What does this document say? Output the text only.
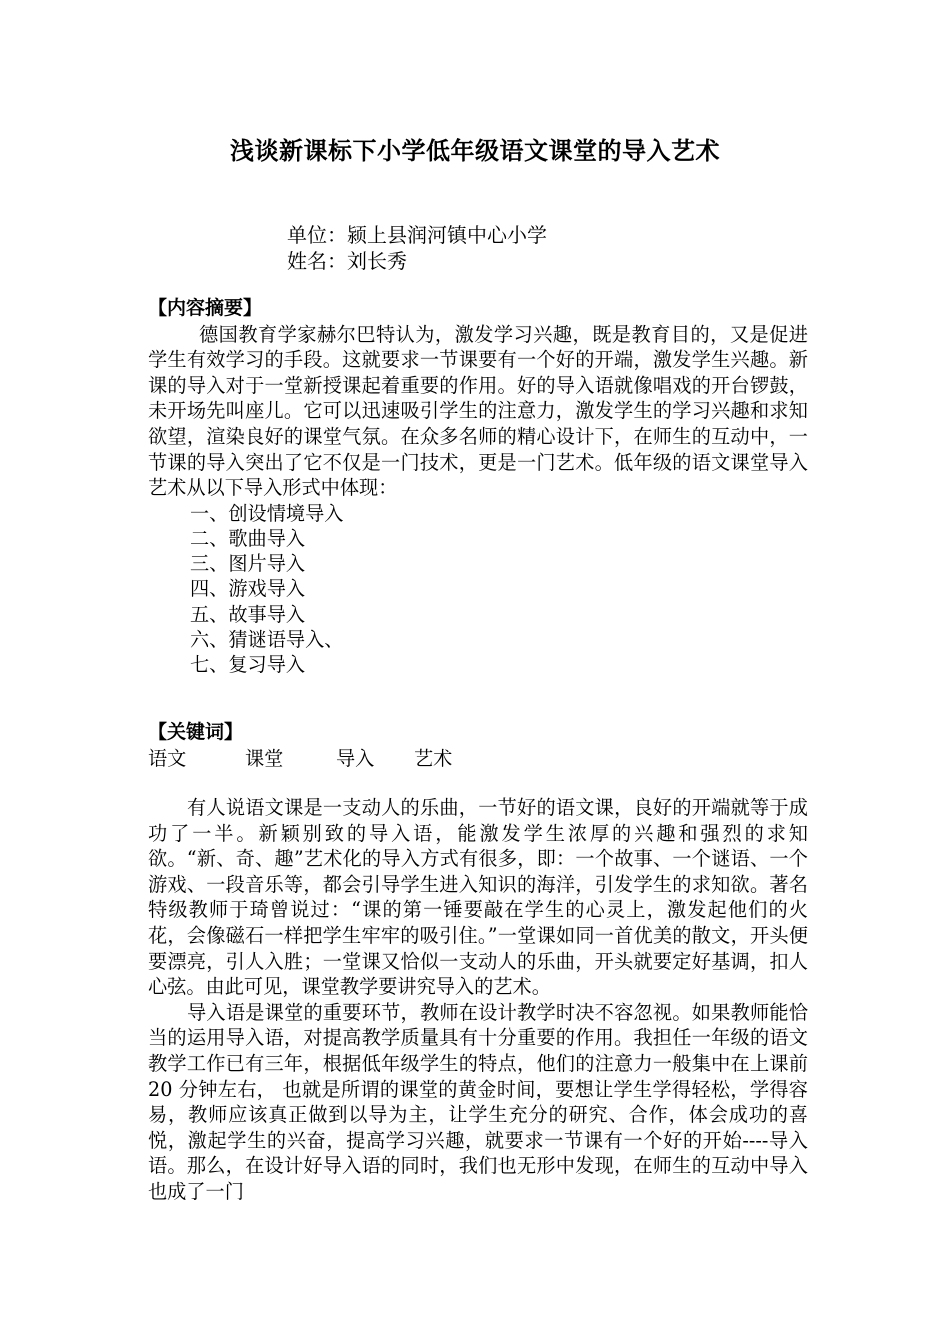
浅谈新课标下小学低年级语文课堂的导入艺术
单位：颍上县润河镇中心小学
姓名：刘长秀
【内容摘要】
德国教育学家赫尔巴特认为，激发学习兴趣，既是教育目的，又是促进学生有效学习的手段。这就要求一节课要有一个好的开端，激发学生兴趣。新课的导入对于一堂新授课起着重要的作用。好的导入语就像唱戏的开台锣鼓，未开场先叫座儿。它可以迅速吸引学生的注意力，激发学生的学习兴趣和求知欲望，渲染良好的课堂气氛。在众多名师的精心设计下，在师生的互动中，一节课的导入突出了它不仅是一门技术，更是一门艺术。低年级的语文课堂导入艺术从以下导入形式中体现：
一、创设情境导入
二、歌曲导入
三、图片导入
四、游戏导入
五、故事导入
六、猜谜语导入、
七、复习导入
【关键词】
语文	课堂	导入	艺术
有人说语文课是一支动人的乐曲，一节好的语文课，良好的开端就等于成功了一半。新颖别致的导入语，能激发学生浓厚的兴趣和强烈的求知欲。“新、奇、趣”艺术化的导入方式有很多，即：一个故事、一个谜语、一个游戏、一段音乐等，都会引导学生进入知识的海洋，引发学生的求知欲。著名特级教师于琦曾说过：“课的第一锤要敲在学生的心灵上，激发起他们的火花，会像磁石一样把学生牢牢的吸引住。”一堂课如同一首优美的散文，开头便要漂亮，引人入胜；一堂课又恰似一支动人的乐曲，开头就要定好基调，扣人心弦。由此可见，课堂教学要讲究导入的艺术。
导入语是课堂的重要环节，教师在设计教学时决不容忽视。如果教师能恰当的运用导入语，对提高教学质量具有十分重要的作用。我担任一年级的语文教学工作已有三年，根据低年级学生的特点，他们的注意力一般集中在上课前 20 分钟左右， 也就是所谓的课堂的黄金时间，要想让学生学得轻松，学得容易，教师应该真正做到以导为主，让学生充分的研究、合作，体会成功的喜悦，激起学生的兴奋，提高学习兴趣，就要求一节课有一个好的开始----导入语。那么，在设计好导入语的同时，我们也无形中发现，在师生的互动中导入也成了一门
